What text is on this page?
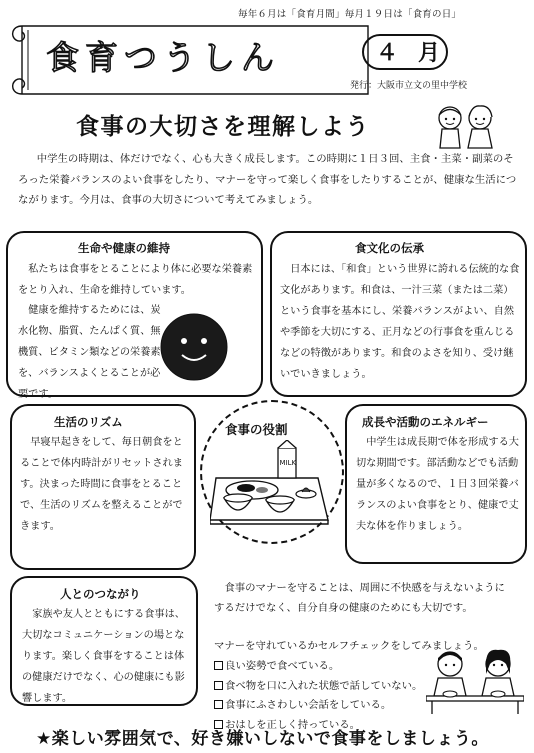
毎年６月は「食育月間」毎月１９日は「食育の日」
食育つうしん	４ 月
発行：大阪市立文の里中学校
食事の大切さを理解しよう
中学生の時期は、体だけでなく、心も大きく成長します。この時期に１日３回、主食・主菜・副菜のそろった栄養バランスのよい食事をしたり、マナーを守って楽しく食事をしたりすることが、健康な生活につながります。今月は、食事の大切さについて考えてみましょう。
生命や健康の維持
私たちは食事をとることにより体に必要な栄養素をとり入れ、生命を維持しています。
健康を維持するためには、炭水化物、脂質、たんぱく質、無機質、ビタミン類などの栄養素を、バランスよくとることが必要です。
食文化の伝承
日本には、「和食」という世界に誇れる伝統的な食文化があります。和食は、一汁三菜（または二菜）という食事を基本にし、栄養バランスがよい、自然や季節を大切にする、正月などの行事食を重んじるなどの特徴があります。和食のよさを知り、受け継いでいきましょう。
生活のリズム
早寝早起きをして、毎日朝食をとることで体内時計がリセットされます。決まった時間に食事をとることで、生活のリズムを整えることができます。
食事の役割
MILK
成長や活動のエネルギー
中学生は成長期で体を形成する大切な期間です。部活動などでも活動量が多くなるので、１日３回栄養バランスのよい食事をとり、健康で丈夫な体を作りましょう。
人とのつながり
家族や友人とともにする食事は、大切なコミュニケーションの場となります。楽しく食事をすることは体の健康だけでなく、心の健康にも影響します。
食事のマナーを守ることは、周囲に不快感を与えないようにするだけでなく、自分自身の健康のためにも大切です。
マナーを守れているかセルフチェックをしてみましょう。
良い姿勢で食べている。
食べ物を口に入れた状態で話していない。
食事にふさわしい会話をしている。
おはしを正しく持っている。
★楽しい雰囲気で、好き嫌いしないで食事をしましょう。
